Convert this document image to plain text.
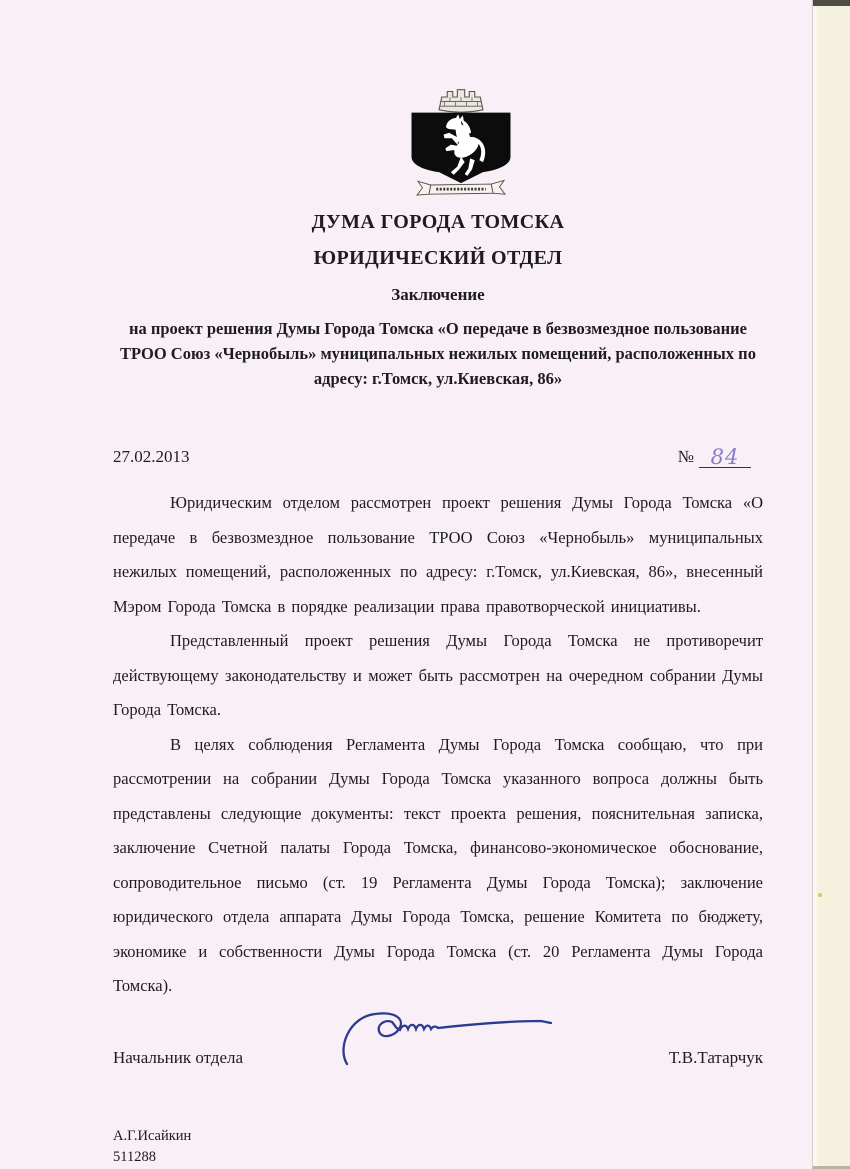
ДУМА ГОРОДА ТОМСКА
ЮРИДИЧЕСКИЙ ОТДЕЛ
Заключение
на проект решения Думы Города Томска «О передаче в безвозмездное пользование ТРОО Союз «Чернобыль» муниципальных нежилых помещений, расположенных по адресу: г.Томск, ул.Киевская, 86»
27.02.2013	№ 84

Юридическим отделом рассмотрен проект решения Думы Города Томска «О передаче в безвозмездное пользование ТРОО Союз «Чернобыль» муниципальных нежилых помещений, расположенных по адресу: г.Томск, ул.Киевская, 86», внесенный Мэром Города Томска в порядке реализации права правотворческой инициативы.

Представленный проект решения Думы Города Томска не противоречит действующему законодательству и может быть рассмотрен на очередном собрании Думы Города Томска.

В целях соблюдения Регламента Думы Города Томска сообщаю, что при рассмотрении на собрании Думы Города Томска указанного вопроса должны быть представлены следующие документы: текст проекта решения, пояснительная записка, заключение Счетной палаты Города Томска, финансово-экономическое обоснование, сопроводительное письмо (ст. 19 Регламента Думы Города Томска); заключение юридического отдела аппарата Думы Города Томска, решение Комитета по бюджету, экономике и собственности Думы Города Томска (ст. 20 Регламента Думы Города Томска).

Начальник отдела	Т.В.Татарчук
А.Г.Исайкин
511288
